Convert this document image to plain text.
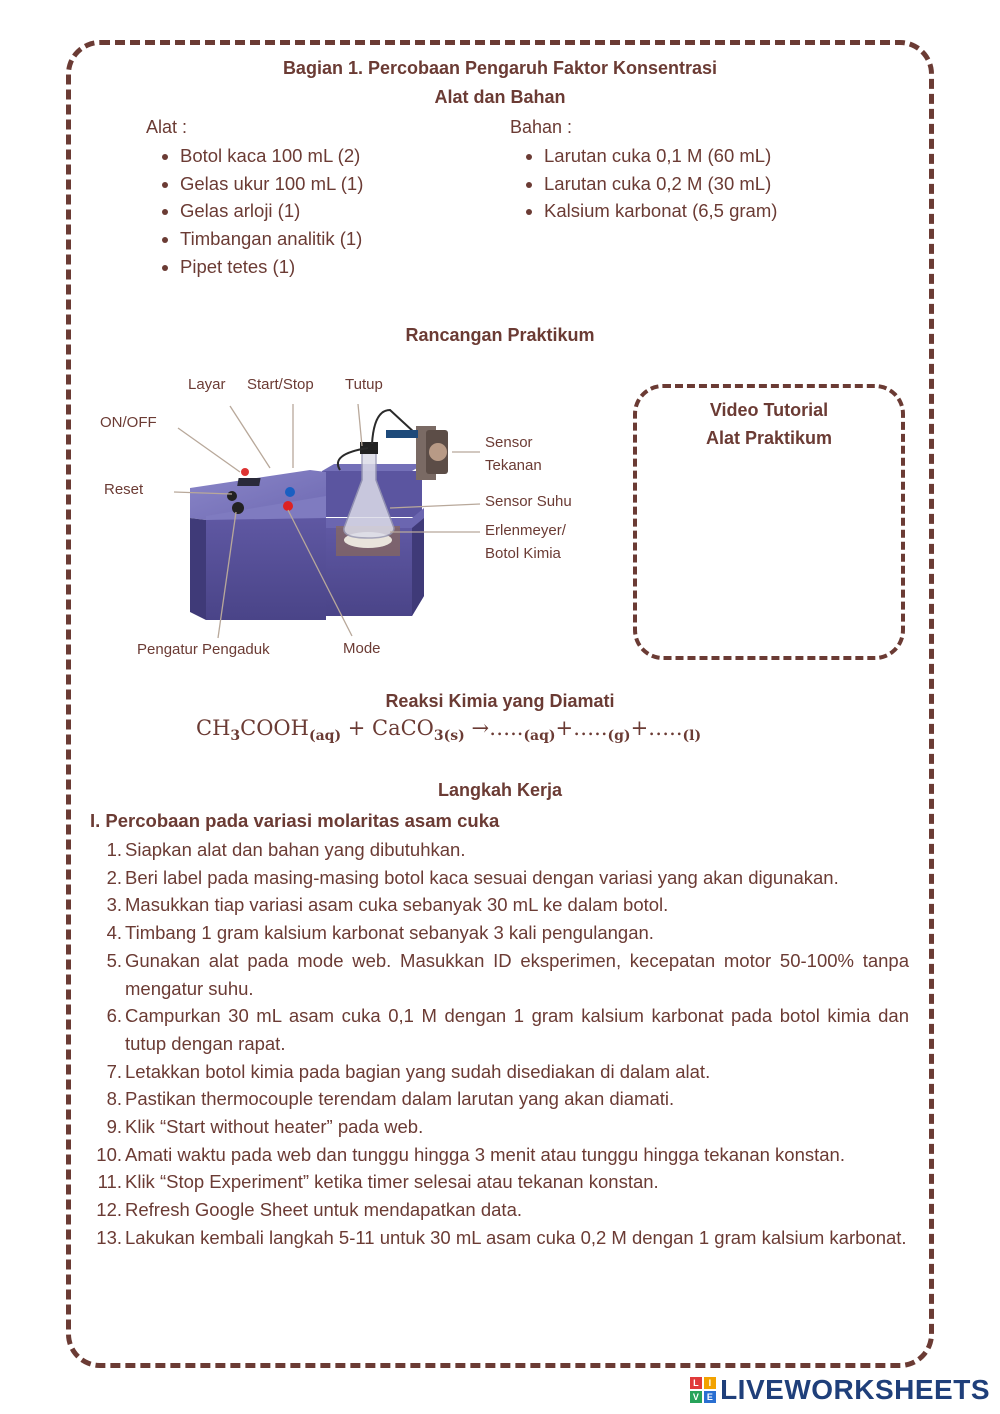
Bagian 1. Percobaan Pengaruh Faktor Konsentrasi
Alat dan Bahan
Alat :
• Botol kaca 100 mL (2)
• Gelas ukur 100 mL (1)
• Gelas arloji (1)
• Timbangan analitik (1)
• Pipet tetes (1)
Bahan :
• Larutan cuka 0,1 M (60 mL)
• Larutan cuka 0,2 M (30 mL)
• Kalsium karbonat (6,5 gram)
Rancangan Praktikum
Layar Start/Stop Tutup
ON/OFF
Reset
Sensor
Tekanan
Sensor Suhu
Erlenmeyer/
Botol Kimia
Pengatur Pengaduk	Mode
Video Tutorial
Alat Praktikum
Reaksi Kimia yang Diamati
$CH_3COOH_{(aq)}$ + CaCO$_{3(s)}$ $\to\dots.._{(aq)}+\dots.._{(g)}+\dots.._{(l)}$
Langkah Kerja
I. Percobaan pada variasi molaritas asam cuka
1. Siapkan alat dan bahan yang dibutuhkan.
2. Beri label pada masing-masing botol kaca sesuai dengan variasi yang akan digunakan.
3. Masukkan tiap variasi asam cuka sebanyak 30 mL ke dalam botol.
4. Timbang 1 gram kalsium karbonat sebanyak 3 kali pengulangan.
5. Gunakan alat pada mode web. Masukkan ID eksperimen, kecepatan motor 50-100% tanpa mengatur suhu.
6. Campurkan 30 mL asam cuka 0,1 M dengan 1 gram kalsium karbonat pada botol kimia dan tutup dengan rapat.
7. Letakkan botol kimia pada bagian yang sudah disediakan di dalam alat.
8. Pastikan thermocouple terendam dalam larutan yang akan diamati.
9. Klik “Start without heater” pada web.
10. Amati waktu pada web dan tunggu hingga 3 menit atau tunggu hingga tekanan konstan.
11. Klik “Stop Experiment” ketika timer selesai atau tekanan konstan.
12. Refresh Google Sheet untuk mendapatkan data.
13. Lakukan kembali langkah 5-11 untuk 30 mL asam cuka 0,2 M dengan 1 gram kalsium karbonat.
L	I
V E LIVEWORKSHEETS
